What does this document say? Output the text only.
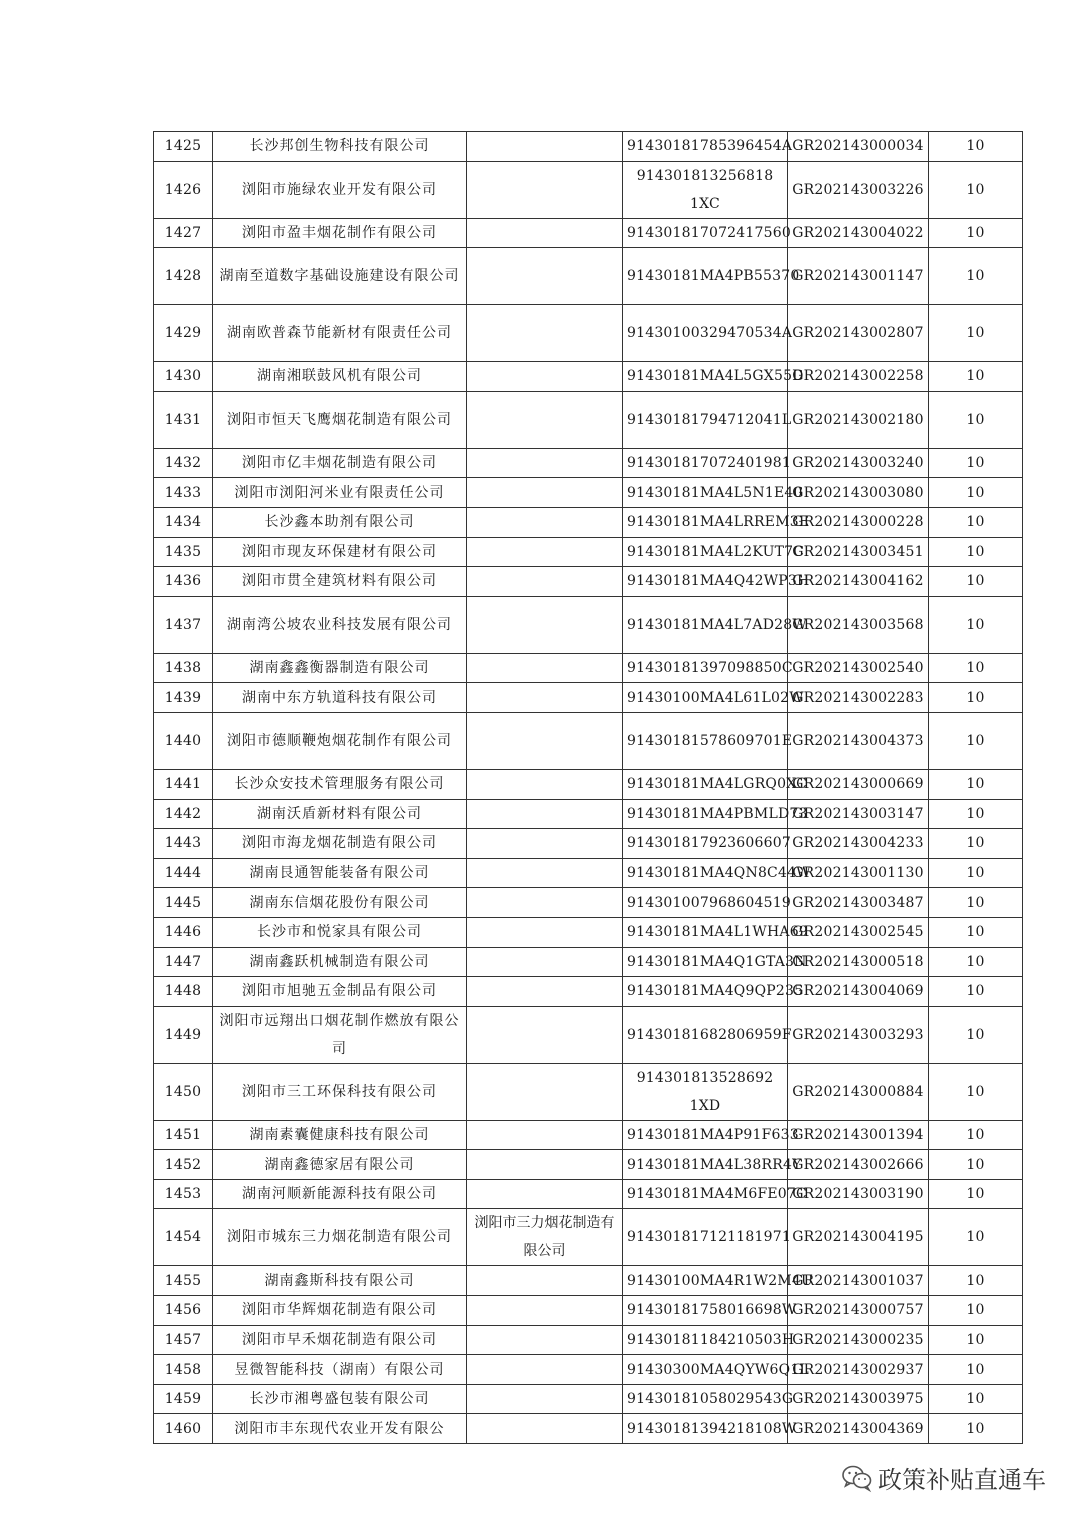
1425	长沙邦创生物科技有限公司		91430181785396454A	GR202143000034	10
1426	浏阳市施绿农业开发有限公司		914301813256818 1XC	GR202143003226	10
1427	浏阳市盈丰烟花制作有限公司		914301817072417560	GR202143004022	10
1428	湖南至道数字基础设施建设有限公司		91430181MA4PB55370	GR202143001147	10
1429	湖南欧普森节能新材有限责任公司		91430100329470534A	GR202143002807	10
1430	湖南湘联鼓风机有限公司		91430181MA4L5GX55D	GR202143002258	10
1431	浏阳市恒天飞鹰烟花制造有限公司		91430181794712041L	GR202143002180	10
1432	浏阳市亿丰烟花制造有限公司		914301817072401981	GR202143003240	10
1433	浏阳市浏阳河米业有限责任公司		91430181MA4L5N1E40	GR202143003080	10
1434	长沙鑫本助剂有限公司		91430181MA4LRREM3E	GR202143000228	10
1435	浏阳市现友环保建材有限公司		91430181MA4L2KUT7C	GR202143003451	10
1436	浏阳市贯全建筑材料有限公司		91430181MA4Q42WP3H	GR202143004162	10
1437	湖南湾公坡农业科技发展有限公司		91430181MA4L7AD28W	GR202143003568	10
1438	湖南鑫鑫衡器制造有限公司		91430181397098850C	GR202143002540	10
1439	湖南中东方轨道科技有限公司		91430100MA4L61L02W	GR202143002283	10
1440	浏阳市德顺鞭炮烟花制作有限公司		91430181578609701E	GR202143004373	10
1441	长沙众安技术管理服务有限公司		91430181MA4LGRQ0XC	GR202143000669	10
1442	湖南沃盾新材料有限公司		91430181MA4PBMLD73	GR202143003147	10
1443	浏阳市海龙烟花制造有限公司		914301817923606607	GR202143004233	10
1444	湖南艮通智能装备有限公司		91430181MA4QN8C44W	GR202143001130	10
1445	湖南东信烟花股份有限公司		914301007968604519	GR202143003487	10
1446	长沙市和悦家具有限公司		91430181MA4L1WHA69	GR202143002545	10
1447	湖南鑫跃机械制造有限公司		91430181MA4Q1GTA3N	GR202143000518	10
1448	浏阳市旭驰五金制品有限公司		91430181MA4Q9QP235	GR202143004069	10
1449	浏阳市远翔出口烟花制作燃放有限公司		91430181682806959F	GR202143003293	10
1450	浏阳市三工环保科技有限公司		914301813528692 1XD	GR202143000884	10
1451	湖南素囊健康科技有限公司		91430181MA4P91F633	GR202143001394	10
1452	湖南鑫德家居有限公司		91430181MA4L38RR4Y	GR202143002666	10
1453	湖南河顺新能源科技有限公司		91430181MA4M6FE07C	GR202143003190	10
1454	浏阳市城东三力烟花制造有限公司	浏阳市三力烟花制造有限公司	914301817121181971	GR202143004195	10
1455	湖南鑫斯科技有限公司		91430100MA4R1W2M4U	GR202143001037	10
1456	浏阳市华辉烟花制造有限公司		91430181758016698W	GR202143000757	10
1457	浏阳市早禾烟花制造有限公司		91430181184210503H	GR202143000235	10
1458	昱微智能科技（湖南）有限公司		91430300MA4QYW6Q1L	GR202143002937	10
1459	长沙市湘粤盛包装有限公司		91430181058029543G	GR202143003975	10
1460	浏阳市丰东现代农业开发有限公		91430181394218108W	GR202143004369	10
政策补贴直通车
